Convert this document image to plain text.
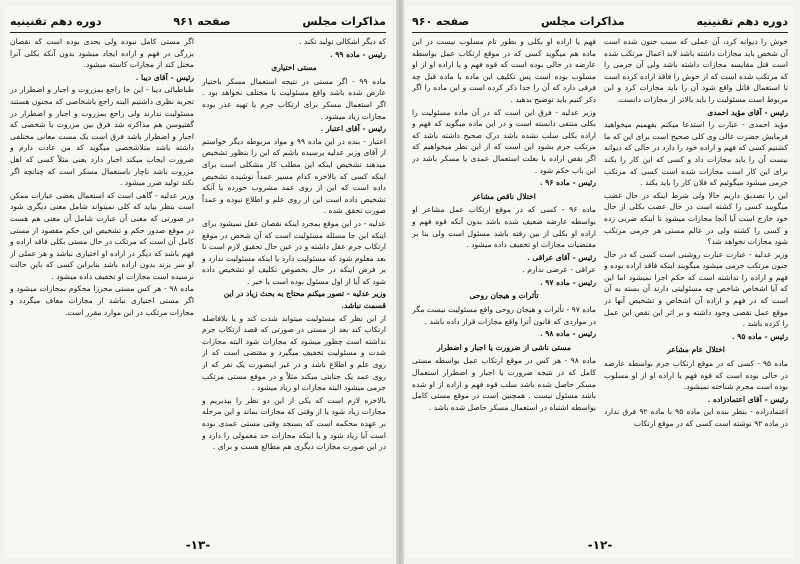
مذاکرات مجلس
صفحه ۹۶۱
دوره دهم تقنینیه

که دیگر اشکالی تولید نکند .

رئیس - ماده ۹۹ .

مستی اختیاری

ماده ۹۹ - اگر مستی در نتیجه استعمال مسکر باختیار عارض شده باشد واقع مسئولیت با مختلف نخواهد بود . اگر استعمال مسکر برای ارتکاب جرم یا تهیه عذر بوده مجازات زیاد میشود .

رئیس - آقای اعتبار .

اعتبار - بنده در این ماده ۹۹ و مواد مربوطه دیگر خواستم از آقای وزیر عدلیه پرسیده باشم که این را بنظور تشخیص میدهند تشخیص اینکه این مطلب کار مشکلی است برای اینکه کسی که بالاخره کدام مسیر عمداً نوشیده تشخیص داده است که این از روی عمد مشروب خورده یا آنکه تشخیص داده است این از روی علم و اطلاع نبوده و عمداً صورت تحقق شده .

عدلیه - در این موقع بمجرد اینکه نقصان عقل نمیشود برای اینکه این جا مسئله مسئولیت است که آن شخص در موقع ارتکاب جرم عقل داشته و در عین حال تحقیق لازم است تا بعد معلوم شود که مسئولیت دارد یا اینکه مسئولیت ندارد و بر فرض اینکه در حال بخصوص تکلیف او تشخیص داده شود که آیا از اول مسئول بوده است یا خیر .

وزیر عدلیه - تصور میکنم محتاج به بحث زیاد در این قسمت نباشد.

از این نظر که مسئولیت میتواند شدت کند و یا بلافاصله ارتکاب کند بعد از مستی در صورتی که قصد ارتکاب جرم نداشته است چطور میشود که مجازات شود البته مجازات شدت و مسئولیت تخفیف میگیرد و مقتضی است که از روی علم و اطلاع باشد و در غیر اینصورت یک نفر که از روی عمد یک جنایتی میکند مثلاً و در موقع مستی مرتکب جرمی میشود البته مجازات او زیاد میشود .

بالاخره لازم است که یکی از این دو نظر را بپذیریم و مجازات زیاد شود یا از وقتی که مجازات بماند و این مرحله بر عهده محکمه است که بسنجد وقتی مستی عمدی بوده است آیا زیاد شود و یا اینکه مجازات حد معمولی را دارد و در این صورت مجازات دیگری هم مطالع هست و برای .

اگر مستی کامل نبوده ولی بحدی بوده است که نقصان بزرگی در فهم و اراده ایجاد میشود بدون آنکه بکلی آنرا مختل کند از مجازات کاسته میشود.

رئیس - آقای دیبا .

طباطبائی دیبا - این جا راجع بمزروت و اجبار و اضطرار در تجربه نظری داشتیم البته راجع باشخاصی که مجنون هستند مسئولیت ندارند ولی راجع بمزروت و اجبار و اضطرار در گفتیوسن هم مذاکره شد فرق بین مزروت یا شخصی که اجبار و اضطرار باشد فرق است یک مست معانی مختلفی داشته باشد متلاشخصی میگوید که من عادت دارم و ضرورت ایجاب میکند اجبار دارد یعنی مثلاً کسی که اهل مزروت باشد ناچار باستعمال مسکر است که چنانچه اگر نکند تولید ضرر میشود .

وزیر عدلیه - گاهی است که استعمال بعضی عبارات ممکن است بنظر بیاید که کلی نمیتواند شامل معنی دیگری شود در صورتی که معنی آن عبارت شامل آن معنی هم هست در موقع صدور حکم و تشخیص این حکم مقصود از مستی کامل آن است که مرتکب در حال مستی بکلی فاقد اراده و فهم باشد که دیگر در اراده او اختیاری نباشد و هر عملی از او سر بزند بدون اراده باشد بنابراین کسی که باین حالت نرسیده است مجازات او تخفیف داده میشود .

ماده ۹۸ - هر کس مستی محرزا محکوم بمجازات میشود و اگر مستی اختیاری نباشد از مجازات معاف میگردد و مجازات مرتکب در این موارد مقرر است.

-۱۳-
دوره دهم تقنینیه
مذاکرات مجلس
صفحه ۹۶۰

خوش را دیوانه کرد، آن عملی که سبب جنون شده است آن شخص باید مجازات داشته باشد لابد اعمال مرتکب شده است قتل مقایسه مجازات داشته باشد ولی آن جرمی را که مرتکب شده است که از خوش را فاقد اراده کرده است تا استعمال قاتل واقع شود آن را باید مجازات کرد و این مربوط است مسئولیت را باید بالاتر از مجازات دانست.

رئیس - آقای مؤید احمدی

مؤید احمدی - عبارت را استدعا میکنم بفهمیم میخواهید فرمایش حضرت عالی وی کلی صحیح است برای این که ما کشتیم کسی که فهم و اراده خود را دارد در حالی که دیوانه نیست آن را باید مجازات داد و کسی که این کار را بکند برای این کار است مجازات شده است کسی که مرتکب جرمی میشود میگوئیم که فلان کار را باید بکند .

این را تصدیق داریم حالا ولی شرط اینکه در حال غضب میگویند کسی را کشته است در حال عضب بکلی از حال خود خارج است آیا آنجا مجازات میشود تا اینکه ضربی زده و کسی را کشته ولی در عالم مستی هر جرمی مرتکب شود مجازات نخواهد شد؟

وزیر عدلیه - عبارت عبارت روشنی است کسی که در حال جنون مرتکب جرمی میشود میگویند اینکه فاقد اراده بوده و فهم و اراده را نداشته است که حکم اجرا نمیشود اما این که آیا اشخاص شاخص چه مسئولیتی دارند آن بسته به آن است که در فهم و اراده آن اشخاص و تشخیص آنها در موقع عمل نقصی وجود داشته و بر اثر این نقص این عمل را کرده باشد .

رئیس - ماده ۹۵ .

اختلال عام مشاعر

ماده ۹۵ - کسی که در موقع ارتکاب جرم بواسطه عارضه در حالی بوده است که قوه فهم یا اراده او از او مسلوب بوده است مجرم شناخته نمیشود.

رئیس - آقای اعتمادزاده .

اعتمادزاده - بنظر بنده این ماده ۹۵ با ماده ۹۲ فرق ندارد در ماده ۹۲ نوشته است کسی که در موقع ارتکاب

فهم یا اراده او بکلی و بطور تام مسلوب نیست در این ماده هم میگوید کسی که در موقع ارتکاب عمل بواسطه عارضه در حالی بوده است که قوه فهم و یا اراده او از او مسلوب بوده است پس تکلیف این ماده با ماده قبل چه فرقی دارد که آن را جدا ذکر کرده است و این ماده را اگر ذکر کنیم باید توضیح بدهید .

وزیر عدلیه - فرق این است که در آن ماده مسئولیت را بکلی منتفی دانسته است و در این ماده میگوید که فهم و اراده بکلی سلب نشده باشد درک صحیح داشته باشد که مرتکب جرم بشود این است که از این نظر میخواهیم که اگر نقص اراده یا بعلت استعمال عمدی یا مسکر باشد در این باب حکم شود .

رئیس - ماده ۹۶ .

اختلال ناقص مشاعر

ماده ۹۶ - کسی که در موقع ارتکاب عمل مشاعر او بواسطه عارضه ضعیف شده باشد بدون آنکه قوه فهم و اراده او بکلی از بین رفته باشد مسئول است ولی بنا بر مقتضیات مجازات او تخفیف داده میشود .

رئیس - آقای عراقی .

عراقی - عرضی ندارم .

رئیس - ماده ۹۷ .

تأثرات و هیجان روحی

ماده ۹۷ - تأثرات و هیجان روحی واقع مسئولیت نیست مگر در مواردی که قانون آنرا واقع مجازات قرار داده باشد .

رئیس - ماده ۹۸ .

مستی ناشی از ضرورت یا اجبار و اضطرار

ماده ۹۸ - هر کس در موقع ارتکاب عمل بواسطه مستی کامل که در نتیجه ضرورت یا اجبار و اضطرار استعمال مسکر حاصل شده باشد سلب قوه فهم و اراده از او شده باشد مسئول نیست . همچنین است در موقع مستی کامل بواسطه اشتباه در استعمال مسکر حاصل شده باشد .

-۱۲-
